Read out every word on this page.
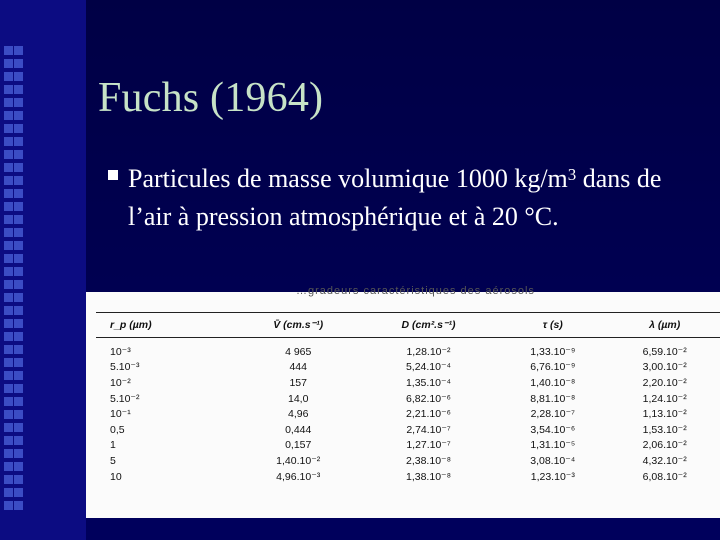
Fuchs (1964)
Particules de masse volumique 1000 $kg/m^3$ dans de l’air à pression atmosphérique et à 20 °C.
…gradeurs caractéristiques des aérosols
r_p (µm)	V̄ (cm.s⁻¹)	D (cm².s⁻¹)	τ (s)	λ (µm)
10⁻³	4 965	1,28.10⁻²	1,33.10⁻⁹	6,59.10⁻²
5.10⁻³	444	5,24.10⁻⁴	6,76.10⁻⁹	3,00.10⁻²
10⁻²	157	1,35.10⁻⁴	1,40.10⁻⁸	2,20.10⁻²
5.10⁻²	14,0	6,82.10⁻⁶	8,81.10⁻⁸	1,24.10⁻²
10⁻¹	4,96	2,21.10⁻⁶	2,28.10⁻⁷	1,13.10⁻²
0,5	0,444	2,74.10⁻⁷	3,54.10⁻⁶	1,53.10⁻²
1	0,157	1,27.10⁻⁷	1,31.10⁻⁵	2,06.10⁻²
5	1,40.10⁻²	2,38.10⁻⁸	3,08.10⁻⁴	4,32.10⁻²
10	4,96.10⁻³	1,38.10⁻⁸	1,23.10⁻³	6,08.10⁻²
